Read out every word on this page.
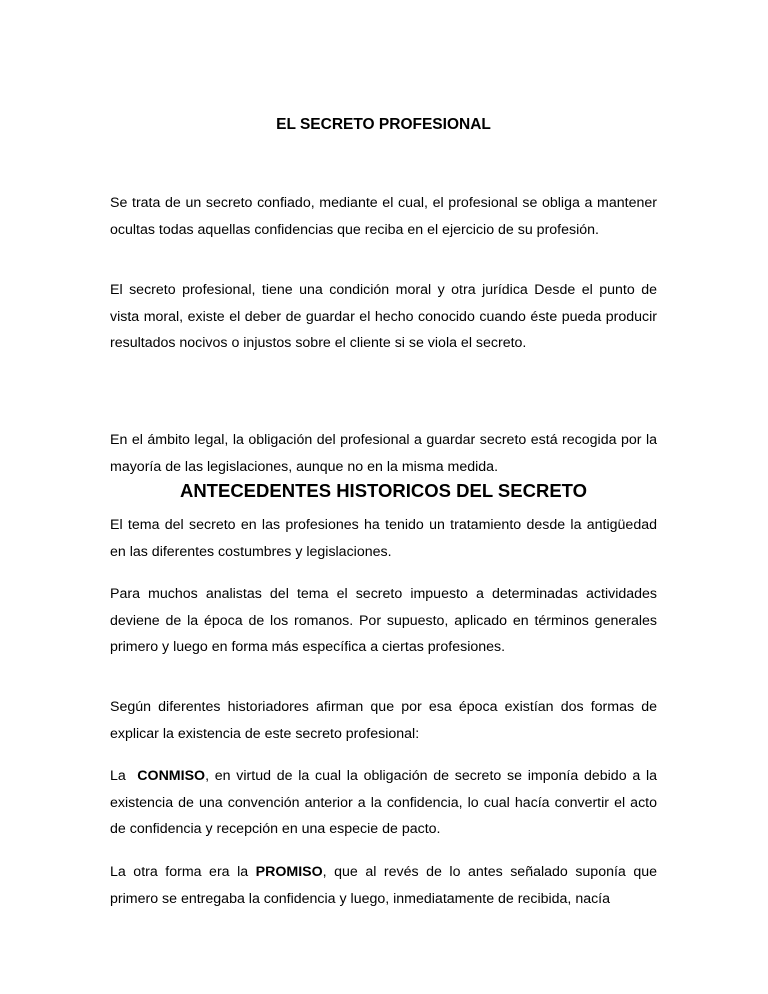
EL SECRETO PROFESIONAL

Se trata de un secreto confiado, mediante el cual, el profesional se obliga a mantener ocultas todas aquellas confidencias que reciba en el ejercicio de su profesión.

El secreto profesional, tiene una condición moral y otra jurídica Desde el punto de vista moral, existe el deber de guardar el hecho conocido cuando éste pueda producir resultados nocivos o injustos sobre el cliente si se viola el secreto.

En el ámbito legal, la obligación del profesional a guardar secreto está recogida por la mayoría de las legislaciones, aunque no en la misma medida.

ANTECEDENTES HISTORICOS DEL SECRETO

El tema del secreto en las profesiones ha tenido un tratamiento desde la antigüedad en las diferentes costumbres y legislaciones.

Para muchos analistas del tema el secreto impuesto a determinadas actividades deviene de la época de los romanos. Por supuesto, aplicado en términos generales primero y luego en forma más específica a ciertas profesiones.

Según diferentes historiadores afirman que por esa época existían dos formas de explicar la existencia de este secreto profesional:

La  CONMISO, en virtud de la cual la obligación de secreto se imponía debido a la existencia de una convención anterior a la confidencia, lo cual hacía convertir el acto de confidencia y recepción en una especie de pacto.

La otra forma era la PROMISO, que al revés de lo antes señalado suponía que primero se entregaba la confidencia y luego, inmediatamente de recibida, nacía
